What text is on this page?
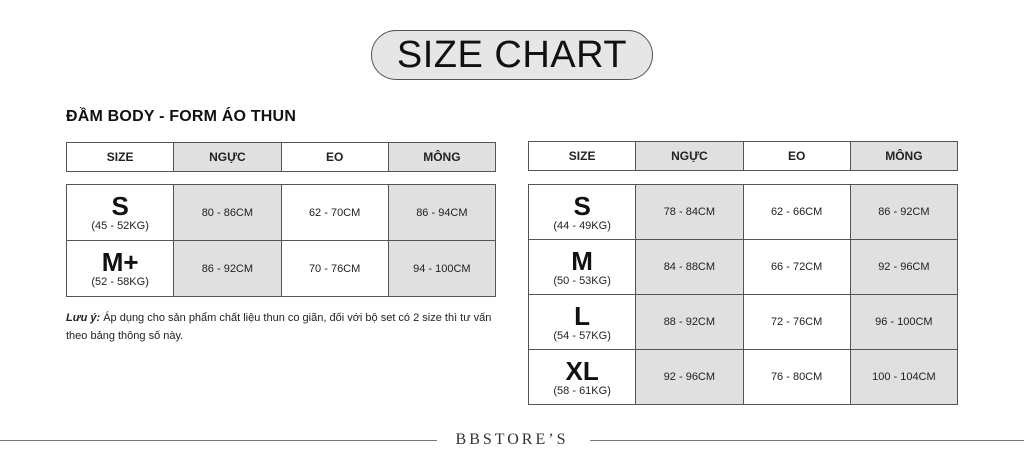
SIZE CHART
ĐẦM BODY - FORM ÁO THUN
SIZE	NGỰC	EO	MÔNG
S
(45 - 52KG)	80 - 86CM	62 - 70CM	86 - 94CM

M+
(52 - 58KG)	86 - 92CM	70 - 76CM	94 - 100CM
Lưu ý: Áp dụng cho sản phẩm chất liệu thun co giãn, đối với bộ set có 2 size thì tư vấn theo bảng thông số này.
SIZE	NGỰC	EO	MÔNG
S
(44 - 49KG)	78 - 84CM	62 - 66CM	86 - 92CM

M
(50 - 53KG)	84 - 88CM	66 - 72CM	92 - 96CM

L
(54 - 57KG)	88 - 92CM	72 - 76CM	96 - 100CM

XL
(58 - 61KG)	92 - 96CM	76 - 80CM	100 - 104CM
BBSTORE’S
